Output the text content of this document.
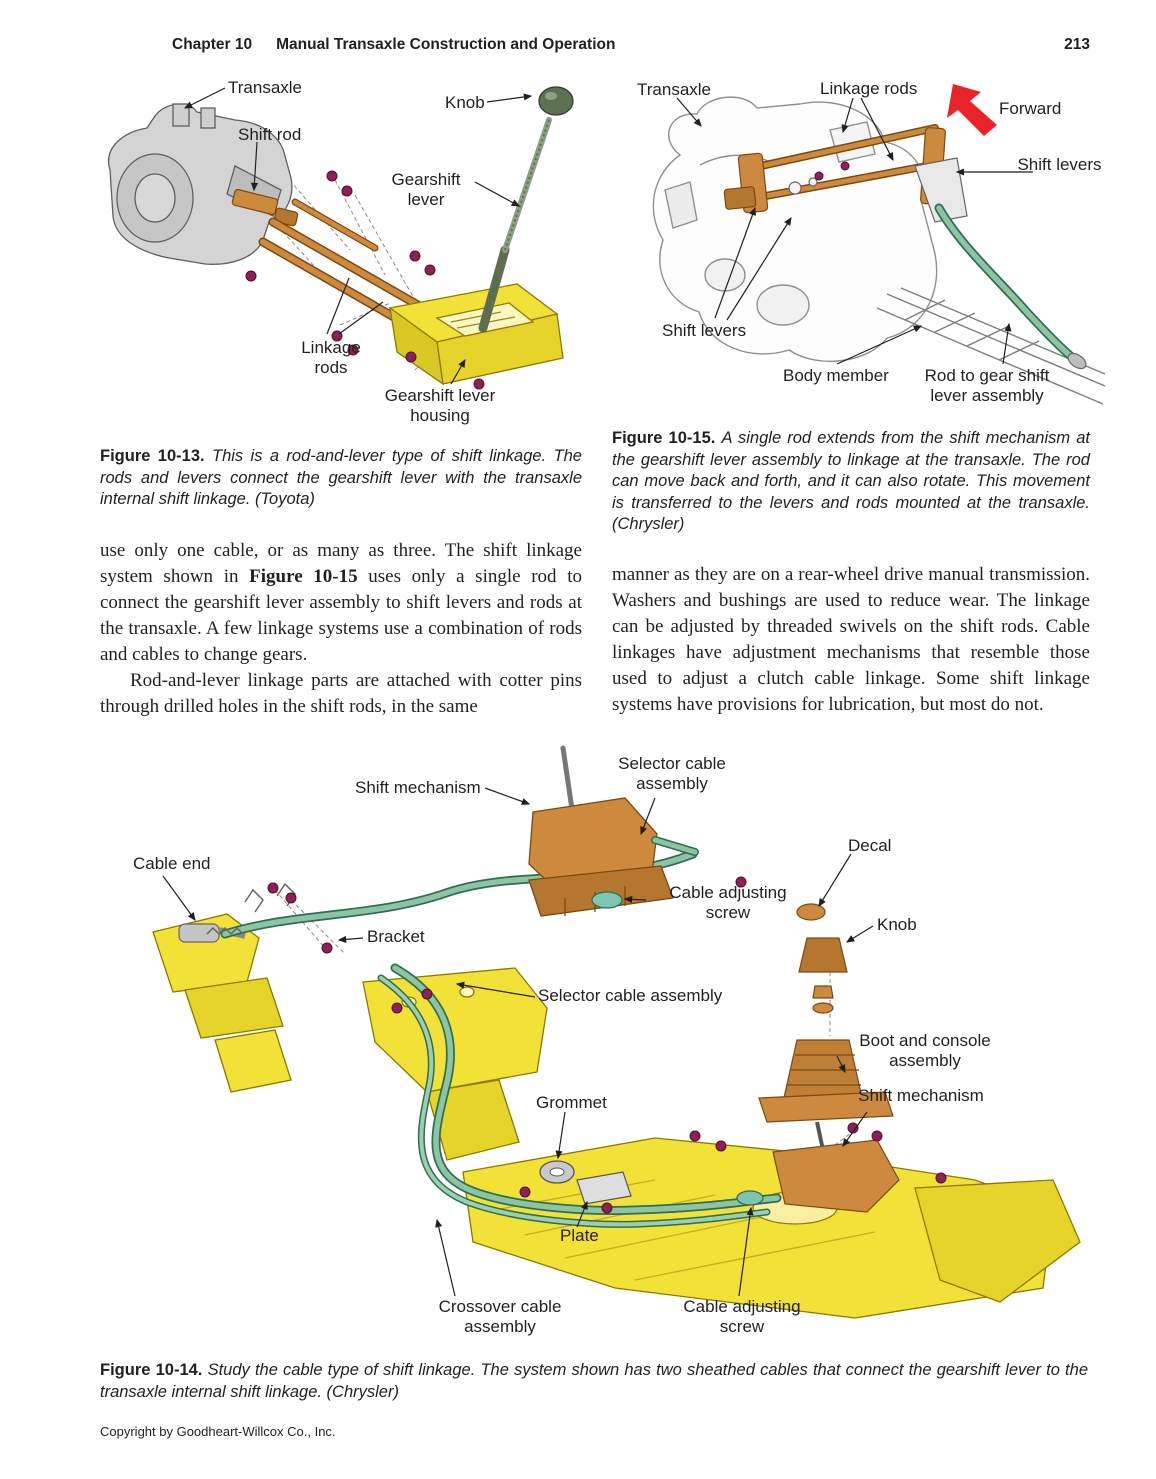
Chapter 10 Manual Transaxle Construction and Operation	213
Transaxle
Shift rod
Knob
Gearshift lever
Linkage rods
Gearshift lever housing
Transaxle	Linkage rods
Forward
Shift levers
Shift levers
Body member	Rod to gear shift lever assembly

Figure 10-13. This is a rod-and-lever type of shift linkage. The rods and levers connect the gearshift lever with the transaxle internal shift linkage. (Toyota)

Figure 10-15. A single rod extends from the shift mechanism at the gearshift lever assembly to linkage at the transaxle. The rod can move back and forth, and it can also rotate. This movement is transferred to the levers and rods mounted at the transaxle. (Chrysler)

use only one cable, or as many as three. The shift linkage system shown in Figure 10-15 uses only a single rod to connect the gearshift lever assembly to shift levers and rods at the transaxle. A few linkage systems use a combination of rods and cables to change gears.

Rod-and-lever linkage parts are attached with cotter pins through drilled holes in the shift rods, in the same

manner as they are on a rear-wheel drive manual transmission. Washers and bushings are used to reduce wear. The linkage can be adjusted by threaded swivels on the shift rods. Cable linkages have adjustment mechanisms that resemble those used to adjust a clutch cable linkage. Some shift linkage systems have provisions for lubrication, but most do not.

Shift mechanism
Selector cable assembly
Cable end
Decal
Knob
Bracket
Cable adjusting screw
Selector cable assembly
Boot and console assembly
Shift mechanism
Grommet
Plate
Crossover cable assembly
Cable adjusting screw

Figure 10-14. Study the cable type of shift linkage. The system shown has two sheathed cables that connect the gearshift lever to the transaxle internal shift linkage. (Chrysler)

Copyright by Goodheart-Willcox Co., Inc.
